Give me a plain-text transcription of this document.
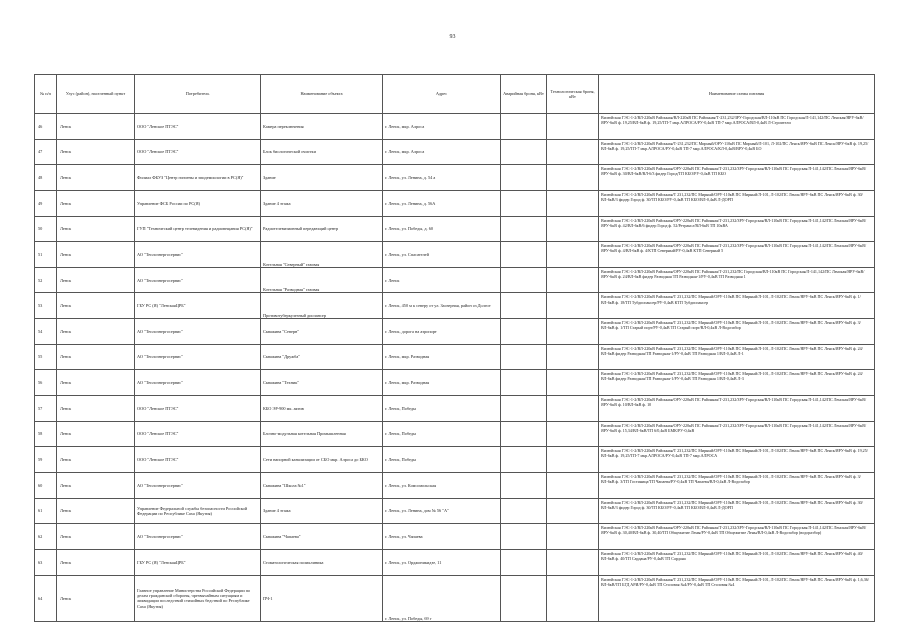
93
№ п/п	Улус (район), населенный пункт	Потребитель	Наименование объекта	Адрес	Аварийная броня, кВт	Технологическая броня, кВт	Наименование схемы питания
46	Ленск	ООО "Ленское ПТЭС"	Камера переключения	г. Ленск, мкр. Алроса			Вилюйская ГЭС-1-2/ВЛ-220кВ Районная/ВЛ-220кВ ПС Районная/Т-231,232/ЗРУ-Городская/ВЛ-110кВ ПС Городская/Л-141,142/ПС Ленская/ЯРУ-6кВ/ЯРУ-6кВ ф. 19,25/ВЛ-6кВ ф. 19,25/ТП-7 мкр.АЛРОСА/РУ-0,4кВ ТП-7 мкр.АЛРОСА/ВЛ-0,4кВ Л-Строители
47	Ленск	ООО "Ленское ПТЭС"	Блок биологической очистки	г. Ленск, мкр. Алроса			Вилюйская ГЭС-1-2/ВЛ-220кВ Районная/Т-231,232/ПС Мирный/ОРУ-110кВ ПС Мирный/Л-101, Л-102/ПС Ленск/ЯРУ-6кВ ПС Ленск/ЯРУ-6кВ ф. 19,25/ВЛ-6кВ ф. 19,25/ТП-7 мкр.АЛРОСА/РУ-0,4кВ ТП-7 мкр.АЛРОСА/КЛ-0,4кВ/ВРУ-0,4кВ БО
48	Ленск	Филиал ФБУЗ "Центр гигиены и эпидемиологии в РС(Я)"	Здание	г. Ленск, ул. Ленина, д. 54 а			Вилюйская ГЭС-1-2/ВЛ-220кВ Районная/ОРУ-220кВ ПС Районная/Т-231,232/ЗРУ-Городская/ВЛ-110кВ ПС Городская/Л-141,142/ПС Ленская/ЯРУ-6кВ/ЯРУ-6кВ ф. 30/ВЛ-6кВ/ВЛ-6/3 фидер Город/ТП КБО/РУ-0,4кВ ТП КБО
49	Ленск	Управление ФСБ России по РС(Я)	Здание 4 этажа	г. Ленск, ул. Ленина, д. 56А			Вилюйская ГЭС-1-2/ВЛ-220кВ Районная/Т 231,232/ПС Мирный/ОРУ-110кВ ПС Мирный/Л-101, Л-102/ПС Ленск/ЯРУ-6кВ ПС Ленск/ЯРУ-6кВ ф. 30/ВЛ-6кВ/3 фидер Город ф. 30/ТП КБО/РУ-0,4кВ ТП КБО/ВЛ-0,4кВ Л-ДОРП
50	Ленск	ГУП "Технический центр телевидения и радиовещания РС(Я)"	Радиотелевизионный передающий центр	г. Ленск, ул. Победы, д. 60			Вилюйская ГЭС-1-2/ВЛ-220кВ Районная/ОРУ-220кВ ПС Районная/Т-231,232/ЗРУ-Городская/ВЛ-110кВ ПС Городская/Л-141,142/ПС Ленская/ЯРУ-6кВ/ЯРУ-6кВ ф. 42/ВЛ-6кВ/6 фидер Город ф. 52/Ретрансл/ВЛ-6кВ ТП 10кВА
51	Ленск	АО "Теплоэнергосервис"	Котельная "Северный" газовая	г. Ленск, ул. Спасателей			Вилюйская ГЭС-1-2/ВЛ-220кВ Районная/ОРУ-220кВ ПС Районная/Т-231,232/ЗРУ-Городская/ВЛ-110кВ ПС Городская/Л-141,142/ПС Ленская/ЯРУ-6кВ/ЯРУ-6кВ ф. 4/ВЛ-6кВ ф. 4/КТП Северный/РУ-0,4кВ КТП Северный 5
52	Ленск	АО "Теплоэнергосервис"	Котельная "Разводная" газовая	г. Ленск			Вилюйская ГЭС-1-2/ВЛ-220кВ Районная/ОРУ-220кВ ПС Районная/Т-231,232/ПС Городская/ВЛ-110кВ ПС Городская/Л-141,142/ПС Ленская/ЯРУ-6кВ/ЯРУ-6кВ ф. 24/ВЛ-6кВ фидер Разводная ТП Разводная-1/РУ-0,4кВ ТП Разводная 1
53	Ленск	ГБУ РС (Я) "ЛенскаяЦРБ"	Противотуберкулезный диспансер	г. Ленск, 450 м к северу от ул. Заозерная, район оз.Долгое			Вилюйская ГЭС-1-2/ВЛ-220кВ Районная/Т 231,232/ПС Мирный/ОРУ-110кВ ПС Мирный/Л-101, Л-102/ПС Ленск/ЯРУ-6кВ ПС Ленск/ЯРУ-6кВ ф. 1/ВЛ-6кВ ф. 18/ТП Тубдиспансер/РУ-0,4кВ КТП Тубдиспансер
54	Ленск	АО "Теплоэнергосервис"	Скважина "Северн"	г. Ленск, дорога на аэропорт			Вилюйская ГЭС-1-2/ВЛ-220кВ Районная/Т 231,232/ПС Мирный/ОРУ-110кВ ПС Мирный/Л-101, Л-102/ПС Ленск/ЯРУ-6кВ ПС Ленск/ЯРУ-6кВ ф. 3/ВЛ-6кВ ф. 1/ТП Старый порт/РУ-0,4кВ ТП Старый порт/ВЛ-0,4кВ Л-Водозабор
55	Ленск	АО "Теплоэнергосервис"	Скважина "Дружба"	г. Ленск, мкр. Разводная			Вилюйская ГЭС-1-2/ВЛ-220кВ Районная/Т 231,232/ПС Мирный/ОРУ-110кВ ПС Мирный/Л-101, Л-102/ПС Ленск/ЯРУ-6кВ ПС Ленск/ЯРУ-6кВ ф. 24/ВЛ-6кВ фидер Разводная/ТП Разводная-1/РУ-0,4кВ ТП Разводная 1/ВЛ-0,4кВ Л-1
56	Ленск	АО "Теплоэнергосервис"	Скважина "Техник"	г. Ленск, мкр. Разводная			Вилюйская ГЭС-1-2/ВЛ-220кВ Районная/Т 231,232/ПС Мирный/ОРУ-110кВ ПС Мирный/Л-101, Л-102/ПС Ленск/ЯРУ-6кВ ПС Ленск/ЯРУ-6кВ ф. 24/ВЛ-6кВ фидер Разводная/ТП Разводная-1/РУ-0,4кВ ТП Разводная 1/ВЛ-0,4кВ Л-3
57	Ленск	ООО "Ленское ПТЭС"	КБО ЭР-900 мк. актив	г. Ленск, Победы			Вилюйская ГЭС-1-2/ВЛ-220кВ Районная/ОРУ-220кВ ПС Районная/Т-231,232/ЗРУ-Городская/ВЛ-110кВ ПС Городская/Л-141,142/ПС Ленская/ЯРУ-6кВ/ЯРУ-6кВ ф. 10/ВЛ-6кВ ф. 10
58	Ленск	ООО "Ленское ПТЭС"	Блочно-модульная котельная Промышленная	г. Ленск, Победы			Вилюйская ГЭС-1-2/ВЛ-220кВ Районная/ОРУ-220кВ ПС Районная/Т-231,232/ЗРУ-Городская/ВЛ-110кВ ПС Городская/Л-141,142/ПС Ленская/ЯРУ-6кВ/ЯРУ-6кВ ф. 15,34/ВЛ-6кВ/ТП 6/0,4кВ БМК/РУ-0,4кВ
59	Ленск	ООО "Ленское ПТЭС"	Сети напорной канализации от СБО мкр. Алроса до БКО	г. Ленск, Победы			Вилюйская ГЭС-1-2/ВЛ-220кВ Районная/Т 231,232/ПС Мирный/ОРУ-110кВ ПС Мирный/Л-101, Л-102/ПС Ленск/ЯРУ-6кВ ПС Ленск/ЯРУ-6кВ ф. 19,25/ВЛ-6кВ ф. 19,25/ТП-7 мкр.АЛРОСА/РУ-0,4кВ ТП-7 мкр.АЛРОСА
60	Ленск	АО "Теплоэнергосервис"	Скважина "Школа №1"	г. Ленск, ул. Комсомольская			Вилюйская ГЭС-1-2/ВЛ-220кВ Районная/Т 231,232/ПС Мирный/ОРУ-110кВ ПС Мирный/Л-101, Л-102/ПС Ленск/ЯРУ-6кВ ПС Ленск/ЯРУ-6кВ ф. 3/ВЛ-6кВ ф. 3/ТП Гостиница/ТП Чапаева/РУ-0,4кВ ТП Чапаева/ВЛ-0,4кВ Л-Водозабор
61	Ленск	Управление Федеральной службы безопасности Российской Федерации по Республике Саха (Якутия)	Здание 4 этажа	г. Ленск, ул. Ленина, дом № 56 "А"			Вилюйская ГЭС-1-2/ВЛ-220кВ Районная/Т 231,232/ПС Мирный/ОРУ-110кВ ПС Мирный/Л-101, Л-102/ПС Ленск/ЯРУ-6кВ ПС Ленск/ЯРУ-6кВ ф. 30/ВЛ-6кВ/3 фидер Город ф. 30/ТП КБО/РУ-0,4кВ ТП КБО/ВЛ-0,4кВ Л-ДОРП
62	Ленск	АО "Теплоэнергосервис"	Скважина "Чапаева"	г. Ленск, ул. Чапаева			Вилюйская ГЭС-1-2/ВЛ-220кВ Районная/ОРУ-220кВ ПС Районная/Т-231,232/ЗРУ-Городская/ВЛ-110кВ ПС Городская/Л-141,142/ПС Ленская/ЯРУ-6кВ/ЯРУ-6кВ ф. 30,40/ВЛ-6кВ ф. 30,40/ТП Общежитие Лены/РУ-0,4кВ ТП Общежитие Лены/ВЛ-0,4кВ Л-Водозабор (водоразбор)
63	Ленск	ГБУ РС (Я) "ЛенскаяЦРБ"	Стоматологическая поликлиника	г. Ленск, ул. Орджоникидзе, 11			Вилюйская ГЭС-1-2/ВЛ-220кВ Районная/Т 231,232/ПС Мирный/ОРУ-110кВ ПС Мирный/Л-101, Л-102/ПС Ленск/ЯРУ-6кВ ПС Ленск/ЯРУ-6кВ ф. 40/ВЛ-6кВ ф. 40/ТП Сардана/РУ-0,4кВ ТП Сардана
64	Ленск	Главное управление Министерства Российской Федерации по делам гражданской обороны, чрезвычайным ситуациям и ликвидации последствий стихийных бедствий по Республике Саха (Якутия)	ПЧ-1	г. Ленск, ул. Победы, 69 г			Вилюйская ГЭС-1-2/ВЛ-220кВ Районная/Т 231,232/ПС Мирный/ОРУ-110кВ ПС Мирный/Л-101, Л-102/ПС Ленск/ЯРУ-6кВ ПС Ленск/ЯРУ-6кВ ф. 1,6,36/ВЛ-6кВ/ТП БГД АРИ/РУ-0,4кВ ТП Столовая №4/РУ-0,4кВ ТП Столовая №4
